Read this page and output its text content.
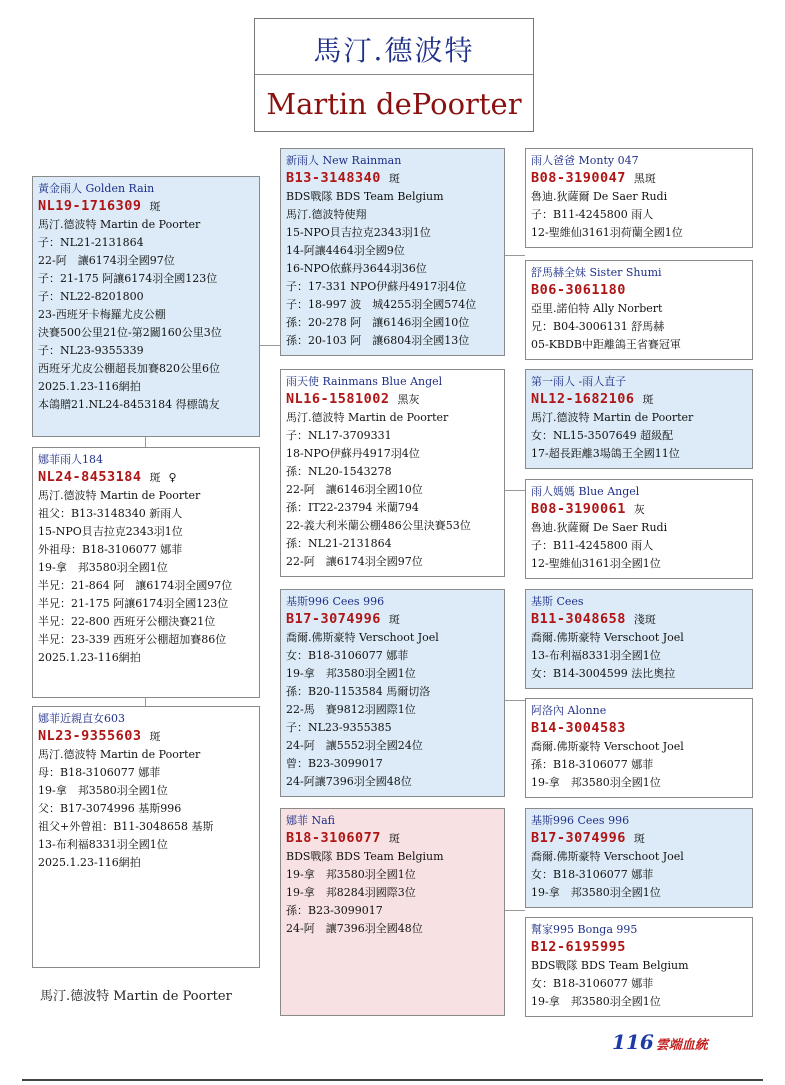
馬汀.德波特
Martin dePoorter
黃金雨人 Golden Rain
NL19-1716309 斑
馬汀.德波特 Martin de Poorter
子：NL21-2131864
22-阿　讓6174羽全國97位
子：21-175 阿讓6174羽全國123位
子：NL22-8201800
23-西班牙卡梅羅尤皮公棚
決賽500公里21位-第2關160公里3位
子：NL23-9355339
西班牙尤皮公棚超長加賽820公里6位
2025.1.23-116網拍
本鴿贈21.NL24-8453184 得標鴿友
娜菲雨人184
NL24-8453184 斑 ♀
馬汀.德波特 Martin de Poorter
祖父：B13-3148340 新雨人
15-NPO貝吉拉克2343羽1位
外祖母：B18-3106077 娜菲
19-拿　邦3580羽全國1位
半兄：21-864 阿　讓6174羽全國97位
半兄：21-175 阿讓6174羽全國123位
半兄：22-800 西班牙公棚決賽21位
半兄：23-339 西班牙公棚超加賽86位
2025.1.23-116網拍
娜菲近親直女603
NL23-9355603 斑
馬汀.德波特 Martin de Poorter
母：B18-3106077 娜菲
19-拿　邦3580羽全國1位
父：B17-3074996 基斯996
祖父+外曾祖：B11-3048658 基斯
13-布利福8331羽全國1位
2025.1.23-116網拍
新雨人 New Rainman
B13-3148340 斑
BDS戰隊 BDS Team Belgium
馬汀.德波特使翔
15-NPO貝吉拉克2343羽1位
14-阿讓4464羽全國9位
16-NPO依蘇丹3644羽36位
子：17-331 NPO伊蘇丹4917羽4位
子：18-997 波　城4255羽全國574位
孫：20-278 阿　讓6146羽全國10位
孫：20-103 阿　讓6804羽全國13位
雨天使 Rainmans Blue Angel
NL16-1581002 黑灰
馬汀.德波特 Martin de Poorter
子：NL17-3709331
18-NPO伊蘇丹4917羽4位
孫：NL20-1543278
22-阿　讓6146羽全國10位
孫：IT22-23794 米蘭794
22-義大利米蘭公棚486公里決賽53位
孫：NL21-2131864
22-阿　讓6174羽全國97位
基斯996 Cees 996
B17-3074996 斑
喬爾.佛斯豪特 Verschoot Joel
女：B18-3106077 娜菲
19-拿　邦3580羽全國1位
孫：B20-1153584 馬爾切洛
22-馬　賽9812羽國際1位
子：NL23-9355385
24-阿　讓5552羽全國24位
曾：B23-3099017
24-阿讓7396羽全國48位
娜菲 Nafi
B18-3106077 斑
BDS戰隊 BDS Team Belgium
19-拿　邦3580羽全國1位
19-拿　邦8284羽國際3位
孫：B23-3099017
24-阿　讓7396羽全國48位
雨人爸爸 Monty 047
B08-3190047 黑斑
魯迪.狄薩爾 De Saer Rudi
子：B11-4245800 雨人
12-聖維仙3161羽荷蘭全國1位
舒馬赫全妹 Sister Shumi
B06-3061180
亞里.諾伯特 Ally Norbert
兄：B04-3006131 舒馬赫
05-KBDB中距離鴿王省賽冠軍
第一雨人 -雨人直子
NL12-1682106 斑
馬汀.德波特 Martin de Poorter
女：NL15-3507649 超級配
17-超長距離3場鴿王全國11位
雨人媽媽 Blue Angel
B08-3190061 灰
魯迪.狄薩爾 De Saer Rudi
子：B11-4245800 雨人
12-聖維仙3161羽全國1位
基斯 Cees
B11-3048658 淺斑
喬爾.佛斯豪特 Verschoot Joel
13-布利福8331羽全國1位
女：B14-3004599 法比奧拉
阿洛內 Alonne
B14-3004583
喬爾.佛斯豪特 Verschoot Joel
孫：B18-3106077 娜菲
19-拿　邦3580羽全國1位
基斯996 Cees 996
B17-3074996 斑
喬爾.佛斯豪特 Verschoot Joel
女：B18-3106077 娜菲
19-拿　邦3580羽全國1位
幫家995 Bonga 995
B12-6195995
BDS戰隊 BDS Team Belgium
女：B18-3106077 娜菲
19-拿　邦3580羽全國1位
馬汀.德波特 Martin de Poorter
116 雲端血統
